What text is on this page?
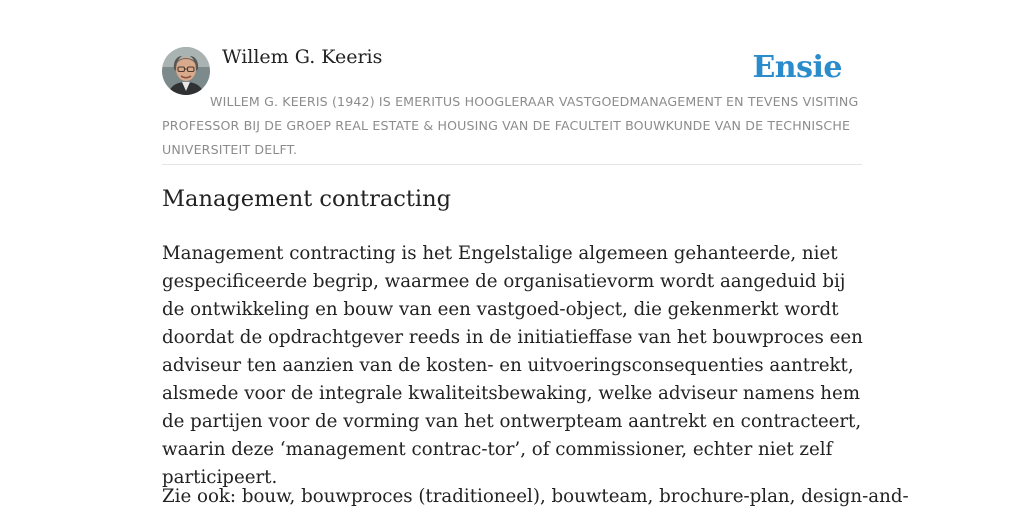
Willem G. Keeris	Ensie
WILLEM G. KEERIS (1942) IS EMERITUS HOOGLERAAR VASTGOEDMANAGEMENT EN TEVENS VISITING PROFESSOR BIJ DE GROEP REAL ESTATE & HOUSING VAN DE FACULTEIT BOUWKUNDE VAN DE TECHNISCHE UNIVERSITEIT DELFT.
Management contracting

Management contracting is het Engelstalige algemeen gehanteerde, niet gespecificeerde begrip, waarmee de organisatievorm wordt aangeduid bij de ontwikkeling en bouw van een vastgoed-object, die gekenmerkt wordt doordat de opdrachtgever reeds in de initiatieffase van het bouwproces een adviseur ten aanzien van de kosten- en uitvoeringsconsequenties aantrekt, alsmede voor de integrale kwaliteitsbewaking, welke adviseur namens hem de partijen voor de vorming van het ontwerpteam aantrekt en contracteert, waarin deze ‘management contrac-tor’, of commissioner, echter niet zelf participeert.

Zie ook: bouw, bouwproces (traditioneel), bouwteam, brochure-plan, design-and-
